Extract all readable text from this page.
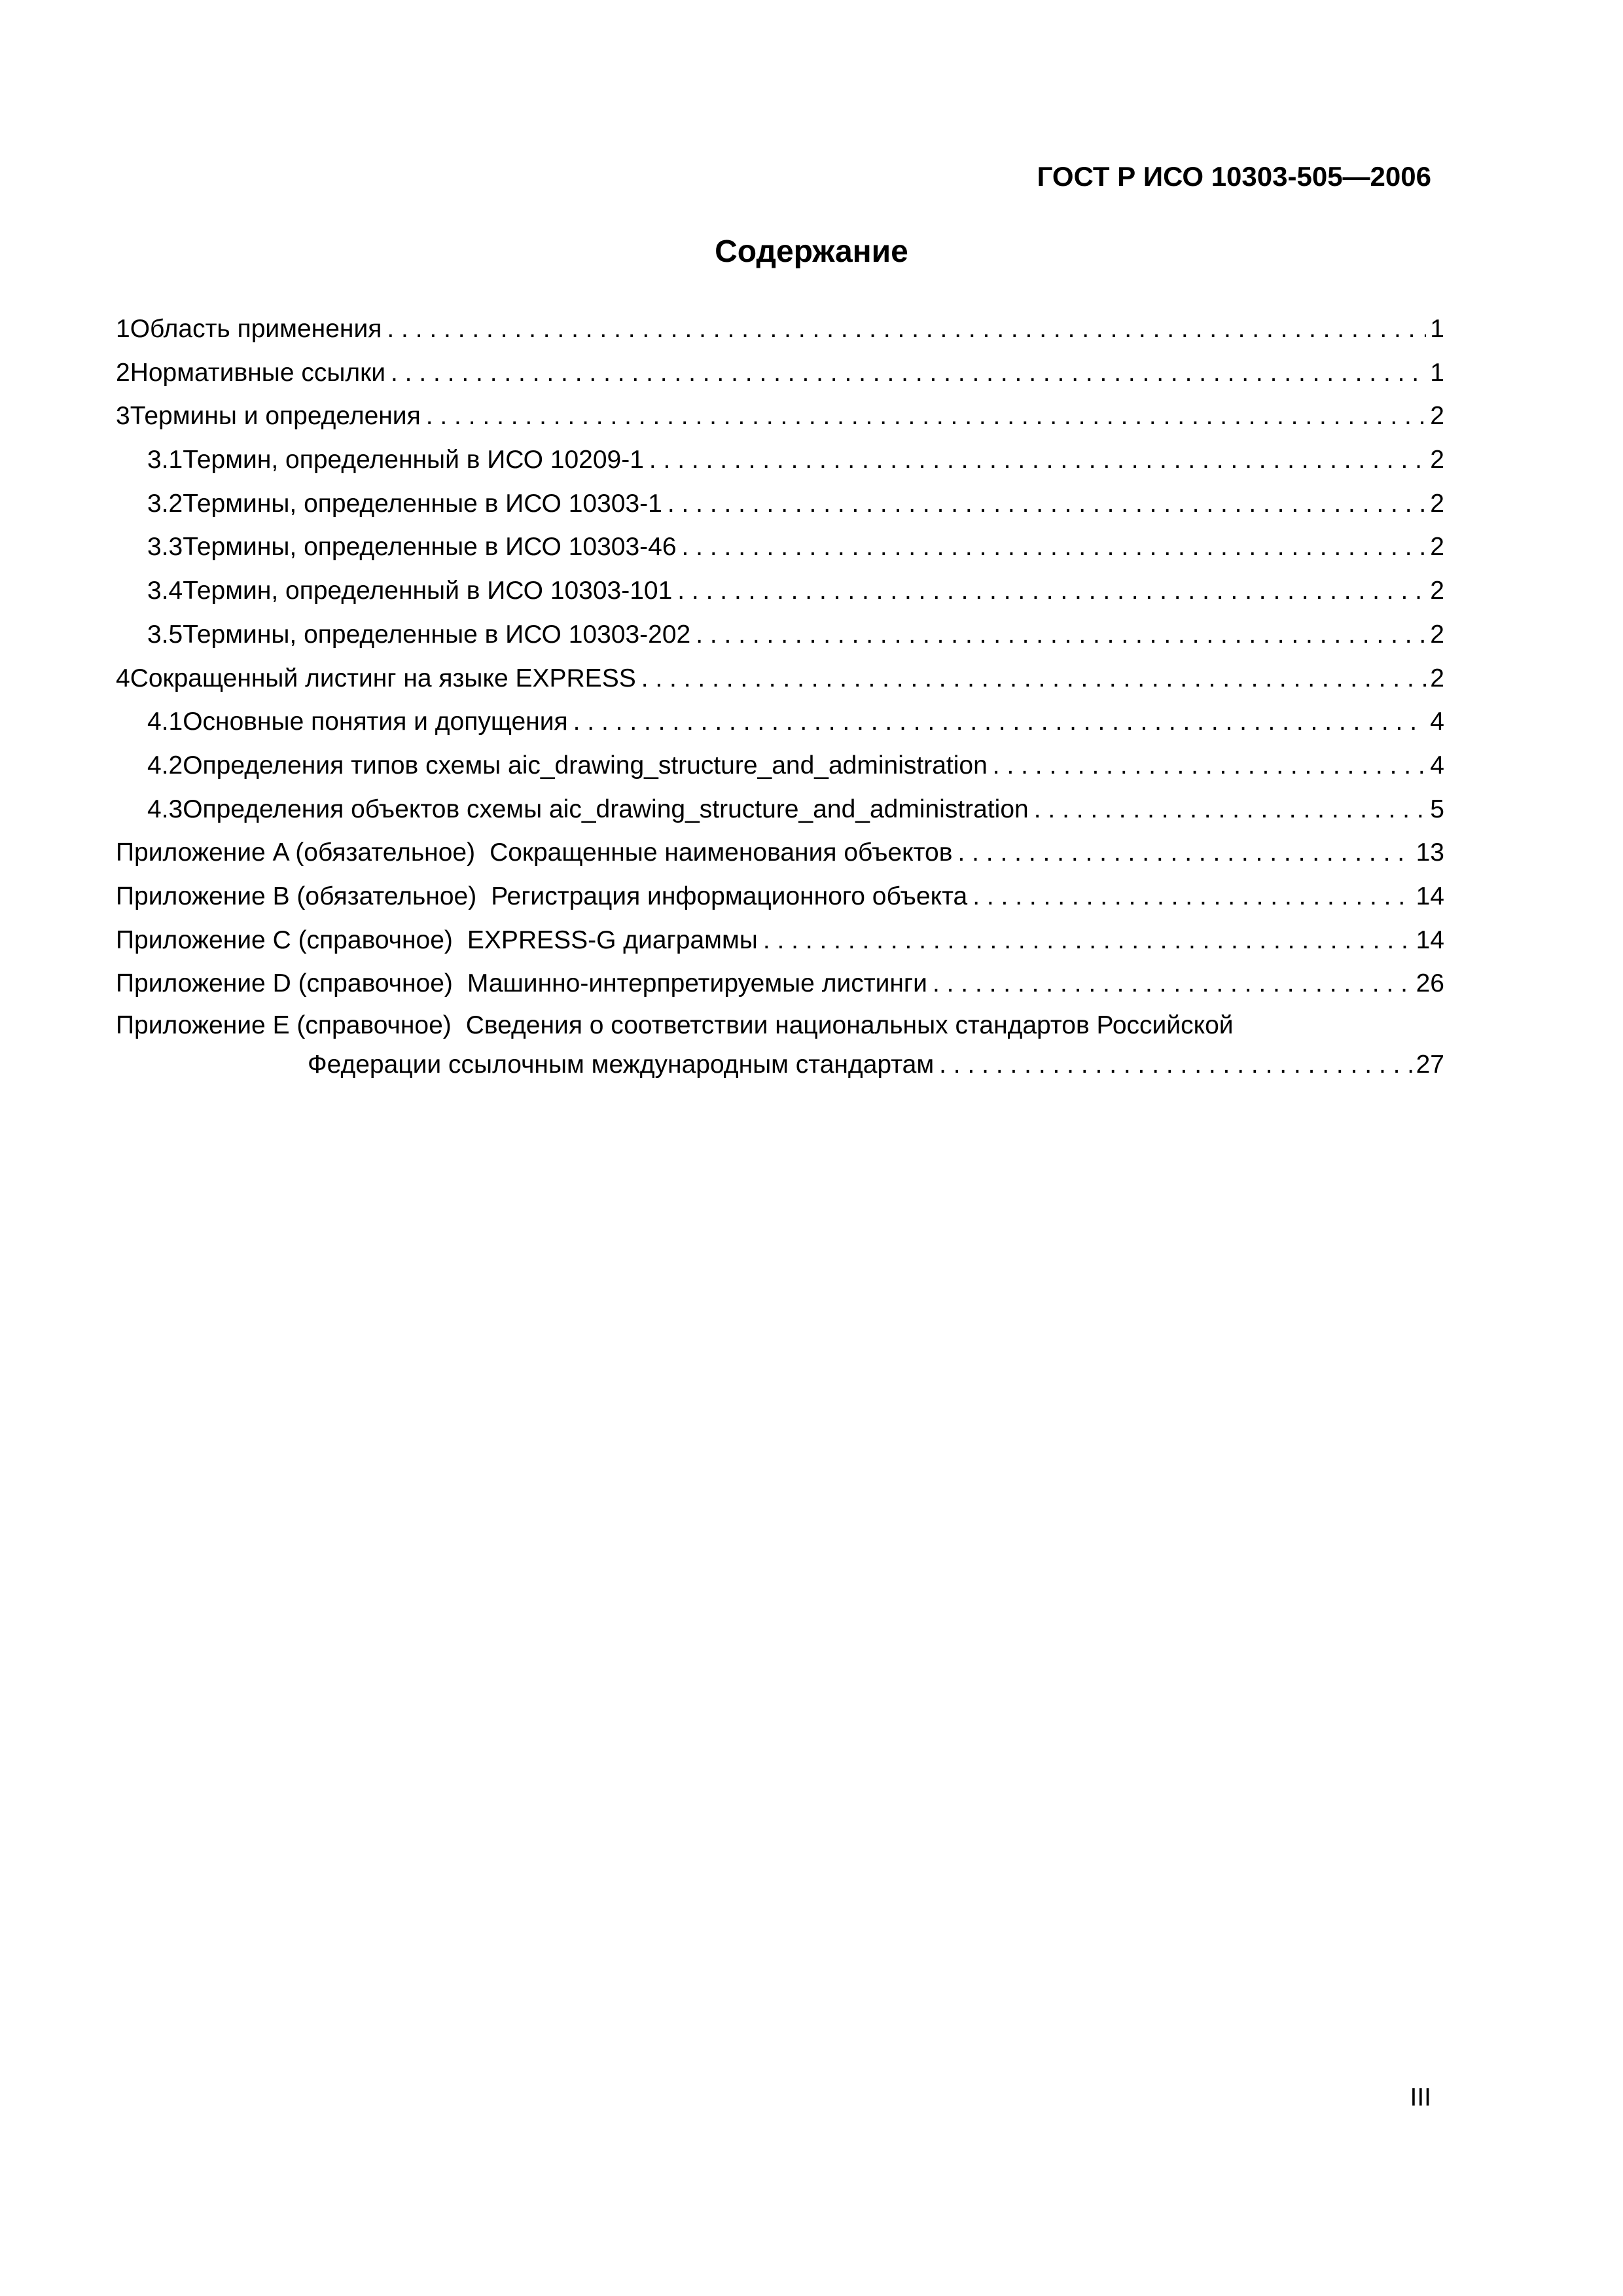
ГОСТ Р ИСО 10303-505—2006
Содержание
1 Область применения . . .	1
2 Нормативные ссылки . . .	1
3 Термины и определения . . .	2
3.1 Термин, определенный в ИСО 10209-1 . . .	2
3.2 Термины, определенные в ИСО 10303-1 . . .	2
3.3 Термины, определенные в ИСО 10303-46 . . .	2
3.4 Термин, определенный в ИСО 10303-101 . . .	2
3.5 Термины, определенные в ИСО 10303-202 . . .	2
4 Сокращенный листинг на языке EXPRESS . . .	2
4.1 Основные понятия и допущения . . .	4
4.2 Определения типов схемы aic_drawing_structure_and_administration . . .	4
4.3 Определения объектов схемы aic_drawing_structure_and_administration . . .	5
Приложение A (обязательное) Сокращенные наименования объектов . . .	13
Приложение B (обязательное) Регистрация информационного объекта . . .	14
Приложение C (справочное) EXPRESS-G диаграммы . . .	14
Приложение D (справочное) Машинно-интерпретируемые листинги . . .	26
Приложение E (справочное) Сведения о соответствии национальных стандартов Российской
Федерации ссылочным международным стандартам . . .	27
III
